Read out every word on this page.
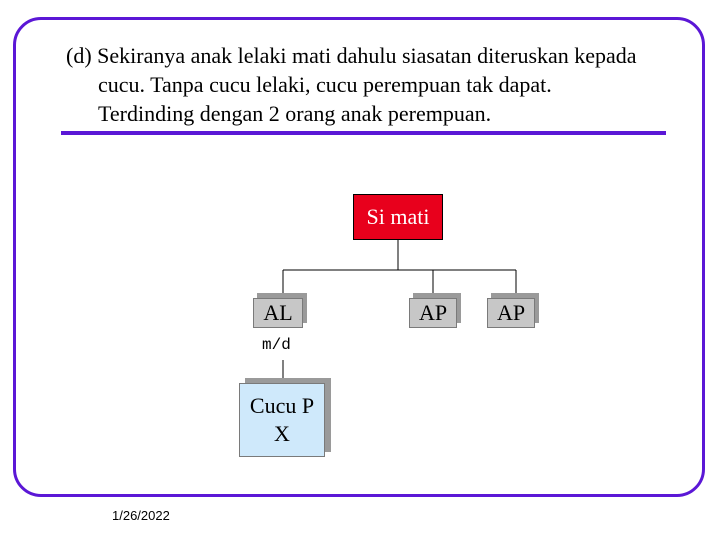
(d) Sekiranya anak lelaki mati dahulu siasatan diteruskan kepada
cucu. Tanpa cucu lelaki, cucu perempuan tak dapat.
Terdinding dengan 2 orang anak perempuan.
Si mati
AL	AP AP
m/d
Cucu P
X
1/26/2022
